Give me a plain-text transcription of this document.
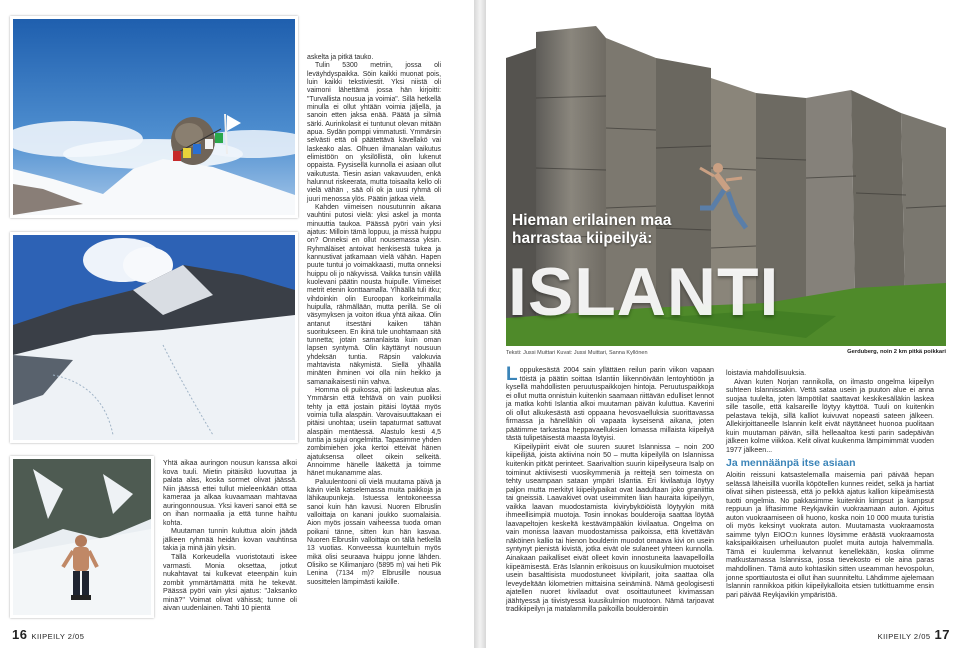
Yhtä aikaa auringon nousun kanssa alkoi kova tuuli. Mietin pitäisikö luovuttaa ja palata alas, koska sormet olivat jäässä. Niin jäässä ettei tullut mieleenkään ottaa kameraa ja alkaa kuvaamaan mahtavaa auringonnousua. Yksi kaveri sanoi että se on ihan normaalia ja että tunne haihtu kohta.

Muutaman tunnin kuluttua aloin jäädä jälkeen ryhmää heidän kovan vauhtinsa takia ja minä jäin yksin.

Tällä Korkeudella vuoristotauti iskee varmasti. Monia oksettaa, jotkut nukahtavat tai kulkevat eteenpäin kuin zombit ymmärtämättä mitä he tekevät. Päässä pyöri vain yksi ajatus: "Jaksanko minä?" Voimat olivat vähissä; tunne oli aivan uudenlainen. Tahti 10 pientä

askelta ja pitkä tauko.

Tulin 5300 metriin, jossa oli leväyhdyspaikka. Söin kaikki muonat pois, luin kaikki tekstiviestit. Yksi niistä oli vaimoni lähettämä jossa hän kirjoitti: "Turvallista nousua ja voimia". Sillä hetkellä minulla ei ollut yhtään voimia jäljellä, ja sanoin etten jaksa enää. Päätä ja silmiä särki. Aurinkolasit ei tuntunut olevan mitään apua. Sydän pomppi vimmatusti. Ymmärsin selvästi että oli päätettävä kävellakö vai laskeako alas. Olhuen ilmanalan vaikutus elimistöön on yksilöllistä, olin lukenut oppaista. Fyysisellä kunnolla ei asiaan ollut vaikutusta. Tiesin asian vakavuuden, enkä halunnut riskeerata, mutta toisaalta kello oli vielä vähän , sää oli ok ja uusi ryhmä oli juuri menossa ylös. Päätin jatkaa vielä.

Kahden viimeisen nousutunnin aikana vauhtini putosi vielä: yksi askel ja monta minuuttia taukoa. Päässä pyöri vain yksi ajatus: Milloin tämä loppuu, ja missä huippu on? Onneksi en ollut nousemassa yksin. Ryhmäläiset antoivat henkisestä tukea ja kannustivat jatkamaan vielä vähän. Hapen puute tuntui jo voimakkaasti, mutta onneksi huippu oli jo näkyvissä. Vaikka tunsin välillä kuolevani päätin nousta huipulle. Viimeiset metrit etenin konttaamalla. Ylhäällä tuli itku; vihdoinkin olin Euroopan korkeimmalla huipulla, rähmällään, mutta perillä. Se oli väsymyksen ja voiton itkua yhtä aikaa. Olin antanut itsestäni kaiken tähän suoritukseen. En ikinä tule unohtamaan sitä tunnetta; jotain samanlaista kuin oman lapsen syntymä. Olin käyttänyt nousuun yhdeksän tuntia. Räpsin valokuvia mahtavista näkymistä. Siellä ylhäällä minäten ihminen voi olla niin heikko ja samanaikaisesti niin vahva.

Homma oli puikossa, piti laskeutua alas. Ymmärsin että tehtävä on vain puoliksi tehty ja että jostain pitäisi löytää myös voimia tulla alaspäin. Varovaisuuttakaan ei pitäisi unohtaa; useiin tapaturmat sattuvat alaspäin mentäessä. Alastulo kesti 4,5 tuntia ja sujui ongelmitta. Tapasimme yhden zombimiehen joka kertoi etteivät hänen ajatuksensa olleet oikein selkeitä. Annoimme hänelle lääkettä ja toimme hänet mukanamme alas.

Paluulentooni oli vielä muutama päivä ja kävin vielä katselemassa muita paikkoja ja lähikaupunkeja. Istuessa lentokoneessa sanoi kuin hän kavusi. Nuoren Elbruslin valloittaja on kanani joukko suomalaisia. Aion myös jossain vaiheessa tuoda oman poikani tänne, sitten kun hän kasvaa. Nuoren Elbruslin valloittaja on tällä hetkellä 13 vuotias. Konveessa kuunteltuin myös mikä olisi seuraava huippu jonne lähden. Olisiko se Kilimanjaro (5895 m) vai heti Pik Lenina (7134 m)? Elbrusille nousua suosittelen lämpimästi kaikille.

16 KIIPEILY 2/05
Hieman erilainen maa
harrastaa kiipeilyä:
ISLANTI
Teksti: Jussi Muittari Kuvat: Jussi Muittari, Sanna Kyllönen	Gerduberg, noin 2 km pitkä poikkari

Loppukesästä 2004 sain yllättäen reilun parin viikon vapaan töistä ja päätin soittaa Islantiin liikennöivään lentoyhtiöön ja kysellä mahdollisten peruutuspaikkojen hintoja. Peruutuspaikkoja ei ollut mutta onnistuin kuitenkin saamaan riittävän edulliset lennot ja matka kohti Islantia alkoi muutaman päivän kuluttua. Kaverini oli ollut alkukesästä asti oppaana hevosvaelluksia suorittavassa firmassa ja hänelläkin oli vapaata kyseisenä aikana, joten päätimme tarkastaa heppavaelluksien lomassa millaista kiipeilyä tästä tulipetäisestä maasta löytyisi.

Kiipeilypiirit eivät ole suuren suuret Islannissa – noin 200 kiipeilijää, joista aktiivina noin 50 – mutta kiipeilyllä on Islannissa kuitenkin pitkät perinteet. Saarivaltion suurin kiipeilyseura Isalp on toiminut aktiivisesti vuosikymmeniä ja reittejä sen toimesta on tehty useampaan sataan ympäri Islantia. Eri kivilaatuja löytyy paljon mutta merkityt kiipeilypaikat ovat laadultaan joko graniittia tai gneissiä. Laavakivet ovat useimmiten liian hauraita kiipeilyyn, vaikka laavan muodostamista kivirybyköiöistä löytyykin mitä ihmeellisimpiä muotoja. Tosin innokas boulderoija saattaa löytää laavapeltojen keskeltä kestävämpääkin kivilaatua. Ongelma on vain monissa laavan muodostamissa paikoissa, että kivettävän näköinen kallio tai hienon boulderin muodot omaava kivi on usein syntynyt pienistä kivistä, jotka eivät ole sulaneet yhteen kunnolla. Ainakaan paikalliset eivät olleet kovin innostuneita laavapelloilla kiipeämisestä. Eräs Islannin erikoisuus on kuusikulmion muotoiset usein basalttisista muodostuneet kivipilarit, joita saattaa olla leveydeltään kilometrien mittaisina seinäminä. Nämä geologisesti ajatellen nuoret kivilaadut ovat osoittautuneet kivimassan jäähtyessä ja tiivistyessä kuusikulmion muotoon. Nämä tarjoavat tradikiipeilyn ja matalammilla paikoilla boulderointiin

loistavia mahdollisuuksia.

Aivan kuten Norjan rannikolla, on ilmasto ongelma kiipeilyn suhteen Islannissakin. Vettä sataa usein ja puuton alue ei anna suojaa tuulelta, joten lämpötilat saattavat keskikesälläkin laskea sille tasolle, että kalsareille löytyy käyttöä. Tuuli on kuitenkin pelastava tekijä, sillä kalliot kuivuvat nopeasti sateen jälkeen. Allekirjoittaneelle Islannin kelit eivät näyttäneet huonoa puolitaan kuin muutaman päivän, sillä helleaaltoa kesti parin sadepäivän jälkeen kolme viikkoa. Kelit olivat kuukenma lämpimimmät vuoden 1977 jälkeen...

Ja mennäänpä itse asiaan

Aloitin reissuni katsastelemalla maisemia pari päivää hepan selässä läheisillä vuorilla köpötellen kunnes reidet, selkä ja hartiat olivat siihen pisteessä, että jo pelkkä ajatus kallion kiipeämisestä tuotti ongelmia. No pakkasimme kuitenkin kimpsut ja kampsut reppuun ja liftasimme Reykjavikiin vuokraamaan auton. Ajoitus auton vuokraamiseen oli huono, koska noin 10 000 muuta turistia oli myös keksinyt vuokrata auton. Muutamasta vuokraamosta saimme tylyn EIOO:n kunnes löysimme eräästä vuokraamosta kaksipaikkaisen urheiluauton puolet muita autoja halvemmalla. Tämä ei kuulemma kelvannut kenellekään, koska olimme matkustamassa Islannissa, jossa tievekosto ei ole aina paras mahdollinen. Tämä auto kohtasikin sitten useamman hevospolun, jonne sporttiautosta ei ollut ihan suunniteltu. Lähdimme ajelemaan Islannin rannikkoa pitkin kiipeilykalloita etsien tutkittuamme ensin pari päivää Reykjavikin ympäristöä.

KIIPEILY 2/05 17
